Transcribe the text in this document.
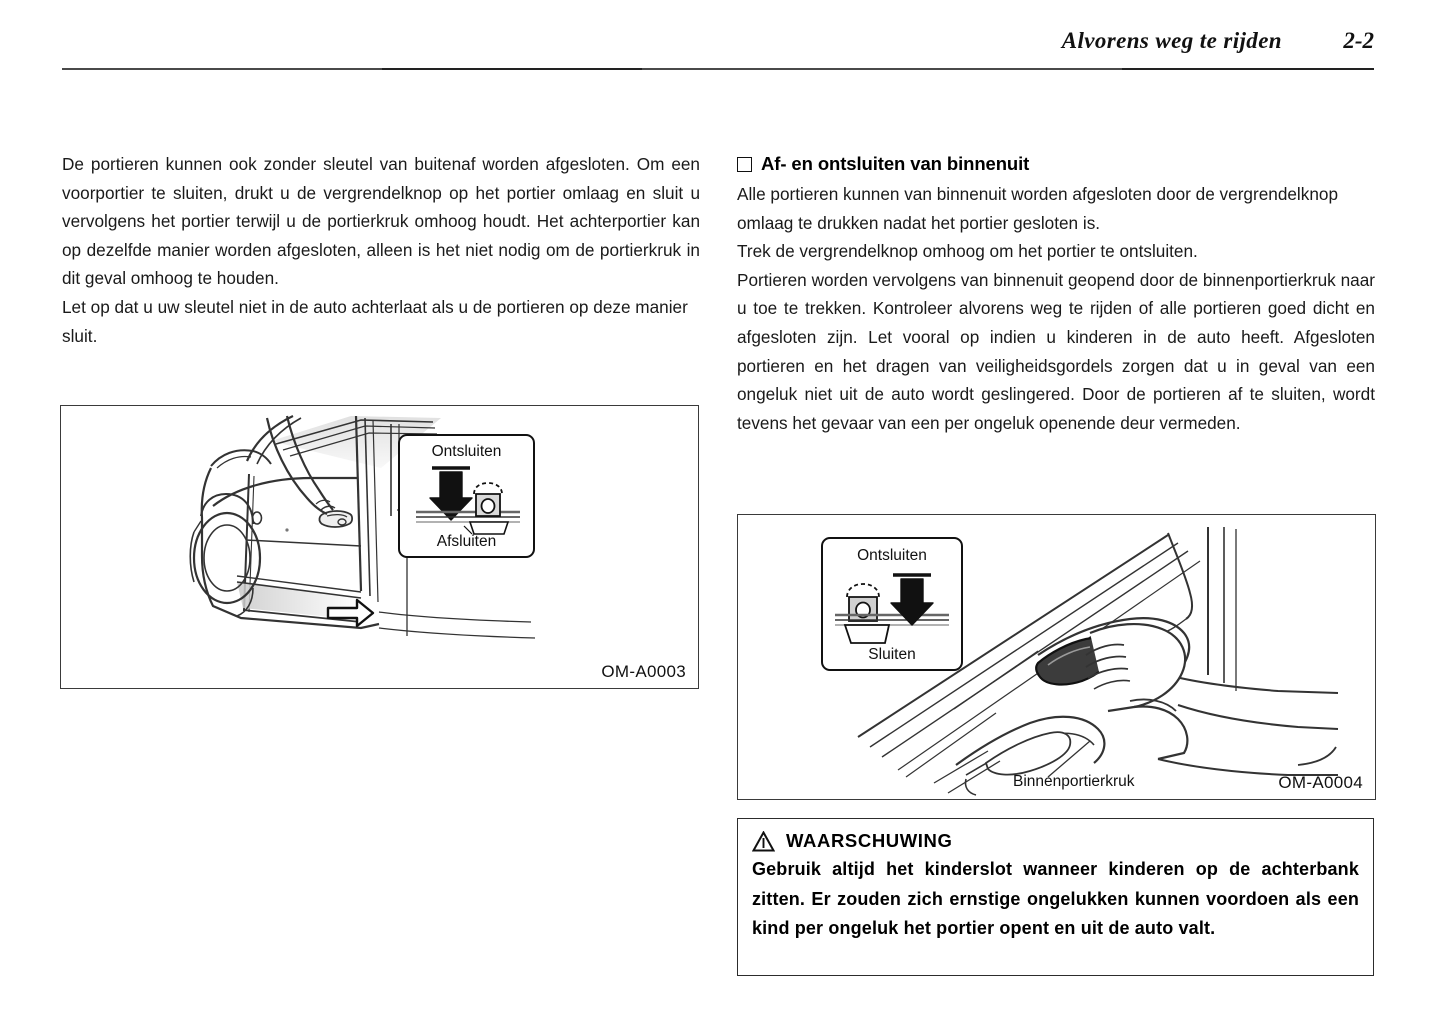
Alvorens weg te rijden	2-2

De portieren kunnen ook zonder sleutel van buitenaf worden afgesloten. Om een voorportier te sluiten, drukt u de vergrendelknop op het portier omlaag en sluit u vervolgens het portier terwijl u de portierkruk omhoog houdt. Het achterportier kan op dezelfde manier worden afgesloten, alleen is het niet nodig om de portierkruk in dit geval omhoog te houden.

Let op dat u uw sleutel niet in de auto achterlaat als u de portieren op deze manier sluit.

Af- en ontsluiten van binnenuit

Alle portieren kunnen van binnenuit worden afgesloten door de vergrendelknop omlaag te drukken nadat het portier gesloten is.

Trek de vergrendelknop omhoog om het portier te ontsluiten.

Portieren worden vervolgens van binnenuit geopend door de binnenportierkruk naar u toe te trekken. Kontroleer alvorens weg te rijden of alle portieren goed dicht en afgesloten zijn. Let vooral op indien u kinderen in de auto heeft. Afgesloten portieren en het dragen van veiligheidsgordels zorgen dat u in geval van een ongeluk niet uit de auto wordt geslingered. Door de portieren af te sluiten, wordt tevens het gevaar van een per ongeluk openende deur vermeden.

Ontsluiten
Afsluiten
OM-A0003
Ontsluiten
Sluiten
Binnenportierkruk	OM-A0004
WAARSCHUWING

Gebruik altijd het kinderslot wanneer kinderen op de achterbank zitten. Er zouden zich ernstige ongelukken kunnen voordoen als een kind per ongeluk het portier opent en uit de auto valt.
